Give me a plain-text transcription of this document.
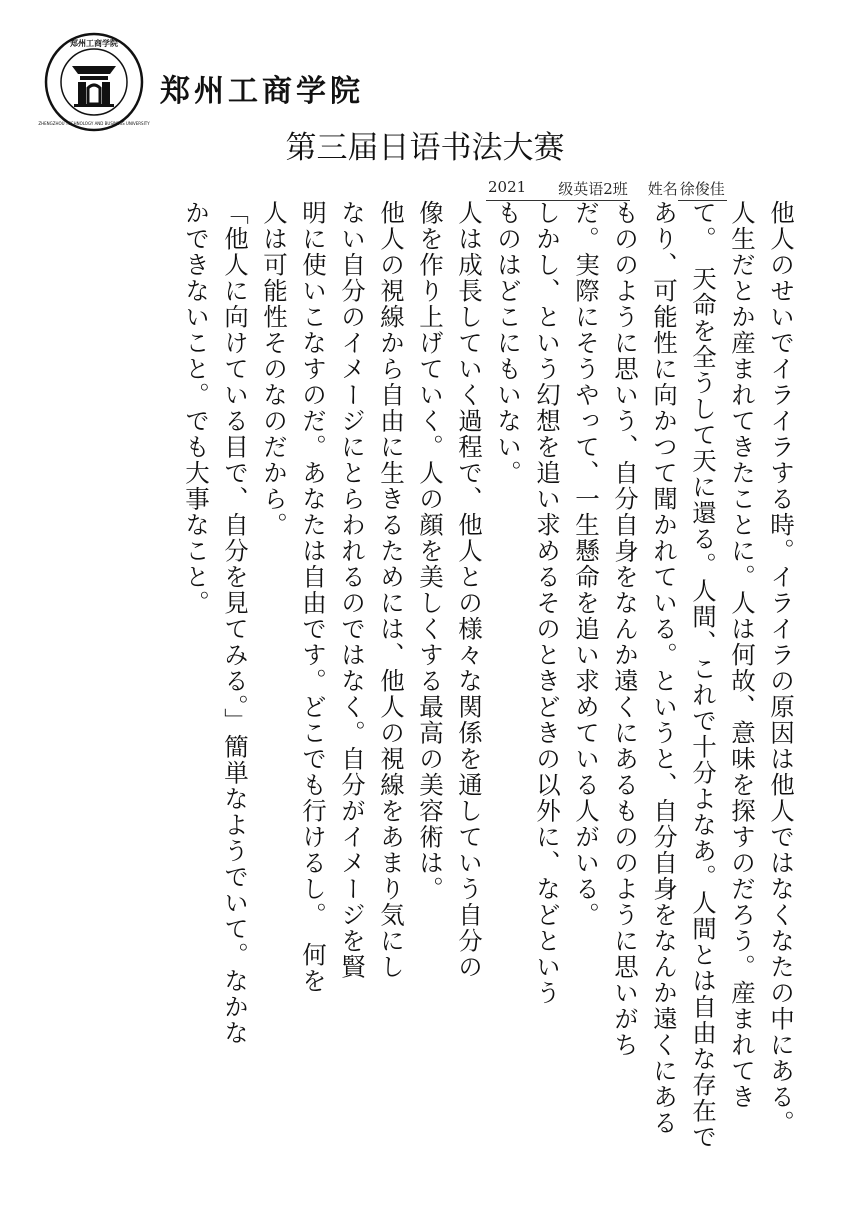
郑州工商学院
ZHENGZHOU TECHNOLOGY AND BUSINESS UNIVERSITY
郑州工商学院
第三届日语书法大赛
2021	级英语2班 姓名 徐俊佳
他人のせいでイライラする時。イライラの原因は他人ではなくなたの中にある。
人生だとか産まれてきたことに。人は何故、意味を探すのだろう。産まれてき
て。　天命を全うして天に還る。人間、これで十分よなあ。人間とは自由な存在で
あり、可能性に向かつて聞かれている。というと、自分自身をなんか遠くにある
もののように思いう、自分自身をなんか遠くにあるもののように思いがち
だ。実際にそうやって、一生懸命を追い求めている人がいる。
しかし、という幻想を追い求めるそのときどきの以外に、などという
ものはどこにもいない。
人は成長していく過程で、他人との様々な関係を通していう自分の
像を作り上げていく。人の顔を美しくする最高の美容術は。
他人の視線から自由に生きるためには、他人の視線をあまり気にし
ない自分のイメージにとらわれるのではなく。自分がイメージを賢
明に使いこなすのだ。あなたは自由です。どこでも行けるし。　何を
人は可能性そのなのだから。
「他人に向けている目で、自分を見てみる。」簡単なようでいて。なかな
かできないこと。でも大事なこと。
